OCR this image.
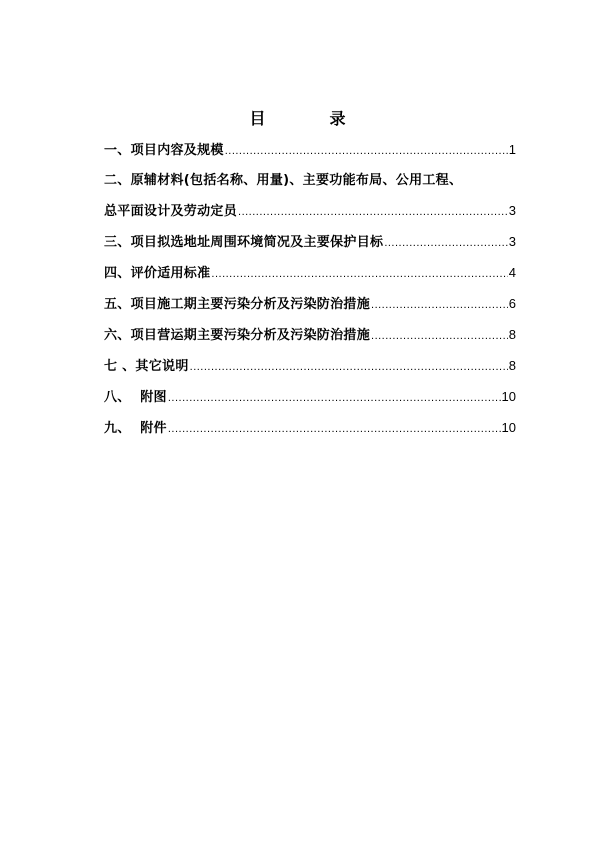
目　录
一、项目内容及规模 .....	1
二、原辅材料(包括名称、用量)、主要功能布局、公用工程、
总平面设计及劳动定员 .....	3
三、项目拟选地址周围环境简况及主要保护目标 .....	3
四、评价适用标准 .....	4
五、项目施工期主要污染分析及污染防治措施 .....	6
六、项目营运期主要污染分析及污染防治措施 .....	8
七 、其它说明 .....	8
八、  附图 .....	10
九、  附件 .....	10
